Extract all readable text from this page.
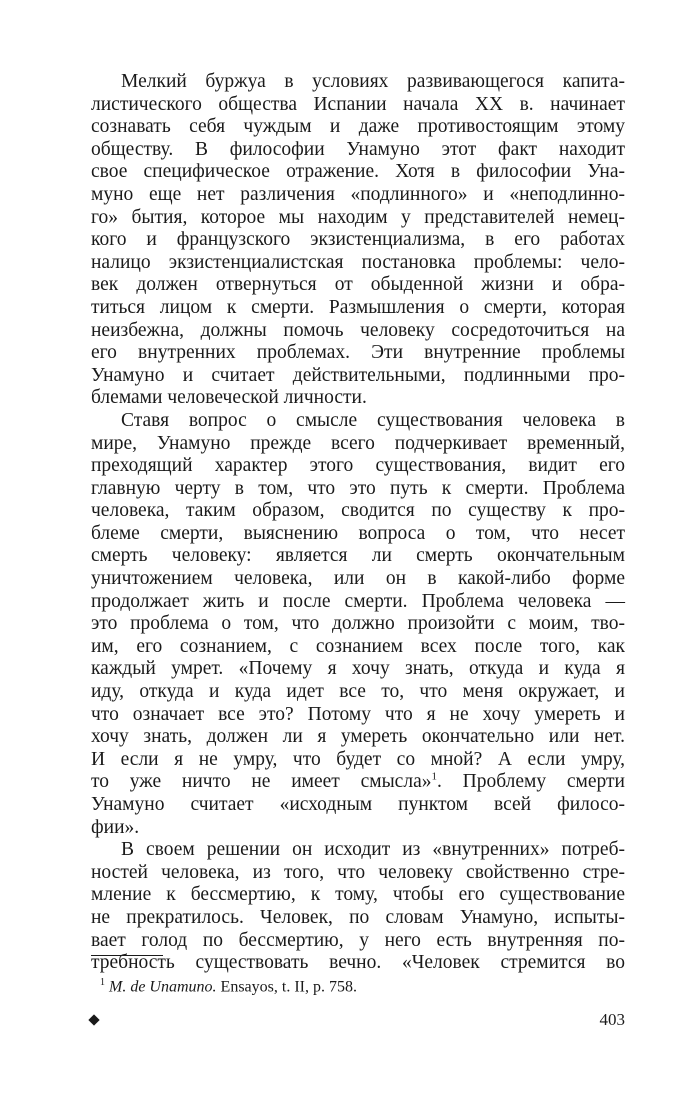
Мелкий буржуа в условиях развивающегося капита-
листического общества Испании начала XX в. начинает
сознавать себя чуждым и даже противостоящим этому
обществу. В философии Унамуно этот факт находит
свое специфическое отражение. Хотя в философии Уна-
муно еще нет различения «подлинного» и «неподлинно-
го» бытия, которое мы находим у представителей немец-
кого и французского экзистенциализма, в его работах
налицо экзистенциалистская постановка проблемы: чело-
век должен отвернуться от обыденной жизни и обра-
титься лицом к смерти. Размышления о смерти, которая
неизбежна, должны помочь человеку сосредоточиться на
его внутренних проблемах. Эти внутренние проблемы
Унамуно и считает действительными, подлинными про-
блемами человеческой личности.
Ставя вопрос о смысле существования человека в
мире, Унамуно прежде всего подчеркивает временный,
преходящий характер этого существования, видит его
главную черту в том, что это путь к смерти. Проблема
человека, таким образом, сводится по существу к про-
блеме смерти, выяснению вопроса о том, что несет
смерть человеку: является ли смерть окончательным
уничтожением человека, или он в какой-либо форме
продолжает жить и после смерти. Проблема человека —
это проблема о том, что должно произойти с моим, тво-
им, его сознанием, с сознанием всех после того, как
каждый умрет. «Почему я хочу знать, откуда и куда я
иду, откуда и куда идет все то, что меня окружает, и
что означает все это? Потому что я не хочу умереть и
хочу знать, должен ли я умереть окончательно или нет.
И если я не умру, что будет со мной? А если умру,
то уже ничто не имеет смысла»$^1$. Проблему смерти
Унамуно считает «исходным пунктом всей филосо-
фии».
В своем решении он исходит из «внутренних» потреб-
ностей человека, из того, что человеку свойственно стре-
мление к бессмертию, к тому, чтобы его существование
не прекратилось. Человек, по словам Унамуно, испыты-
вает голод по бессмертию, у него есть внутренняя по-
требность существовать вечно. «Человек стремится во
$^1$ M. de Unamuno. Ensayos, t. II, p. 758.
403
